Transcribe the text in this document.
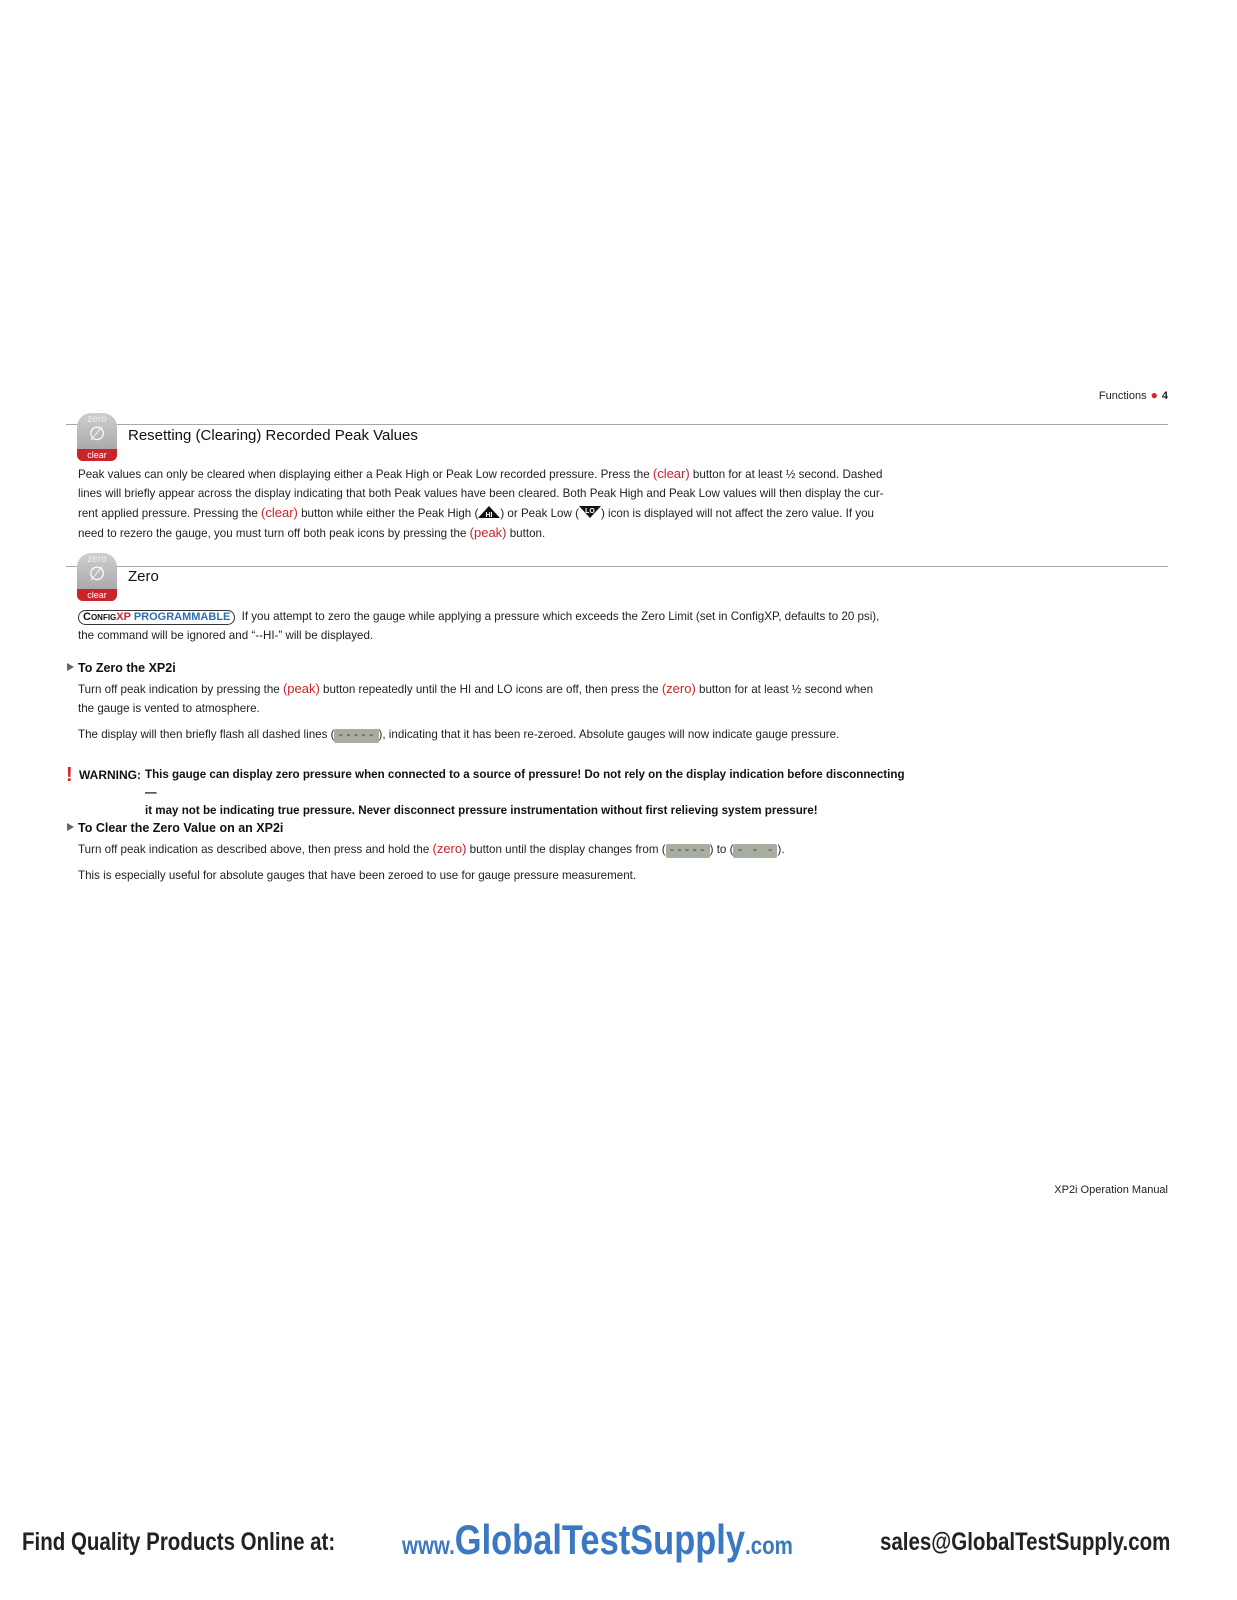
Functions ● 4
zero
∅
clear
Resetting (Clearing) Recorded Peak Values
Peak values can only be cleared when displaying either a Peak High or Peak Low recorded pressure. Press the (clear) button for at least ½ second. Dashed
lines will briefly appear across the display indicating that both Peak values have been cleared. Both Peak High and Peak Low values will then display the cur-
rent applied pressure. Pressing the (clear) button while either the Peak High ( HI ) or Peak Low ( LO ) icon is displayed will not affect the zero value. If you
need to rezero the gauge, you must turn off both peak icons by pressing the (peak) button.
zero
∅
clear
Zero
ConfigXP PROGRAMMABLE If you attempt to zero the gauge while applying a pressure which exceeds the Zero Limit (set in ConfigXP, defaults to 20 psi),
the command will be ignored and “--HI-” will be displayed.
To Zero the XP2i
Turn off peak indication by pressing the (peak) button repeatedly until the HI and LO icons are off, then press the (zero) button for at least ½ second when
the gauge is vented to atmosphere.
The display will then briefly flash all dashed lines ( ----- ), indicating that it has been re-zeroed. Absolute gauges will now indicate gauge pressure.
! WARNING: This gauge can display zero pressure when connected to a source of pressure! Do not rely on the display indication before disconnecting—
it may not be indicating true pressure. Never disconnect pressure instrumentation without first relieving system pressure!
To Clear the Zero Value on an XP2i
Turn off peak indication as described above, then press and hold the (zero) button until the display changes from ( ----- ) to ( - - - ).
This is especially useful for absolute gauges that have been zeroed to use for gauge pressure measurement.
XP2i Operation Manual
Find Quality Products Online at:	www.GlobalTestSupply.com	sales@GlobalTestSupply.com
